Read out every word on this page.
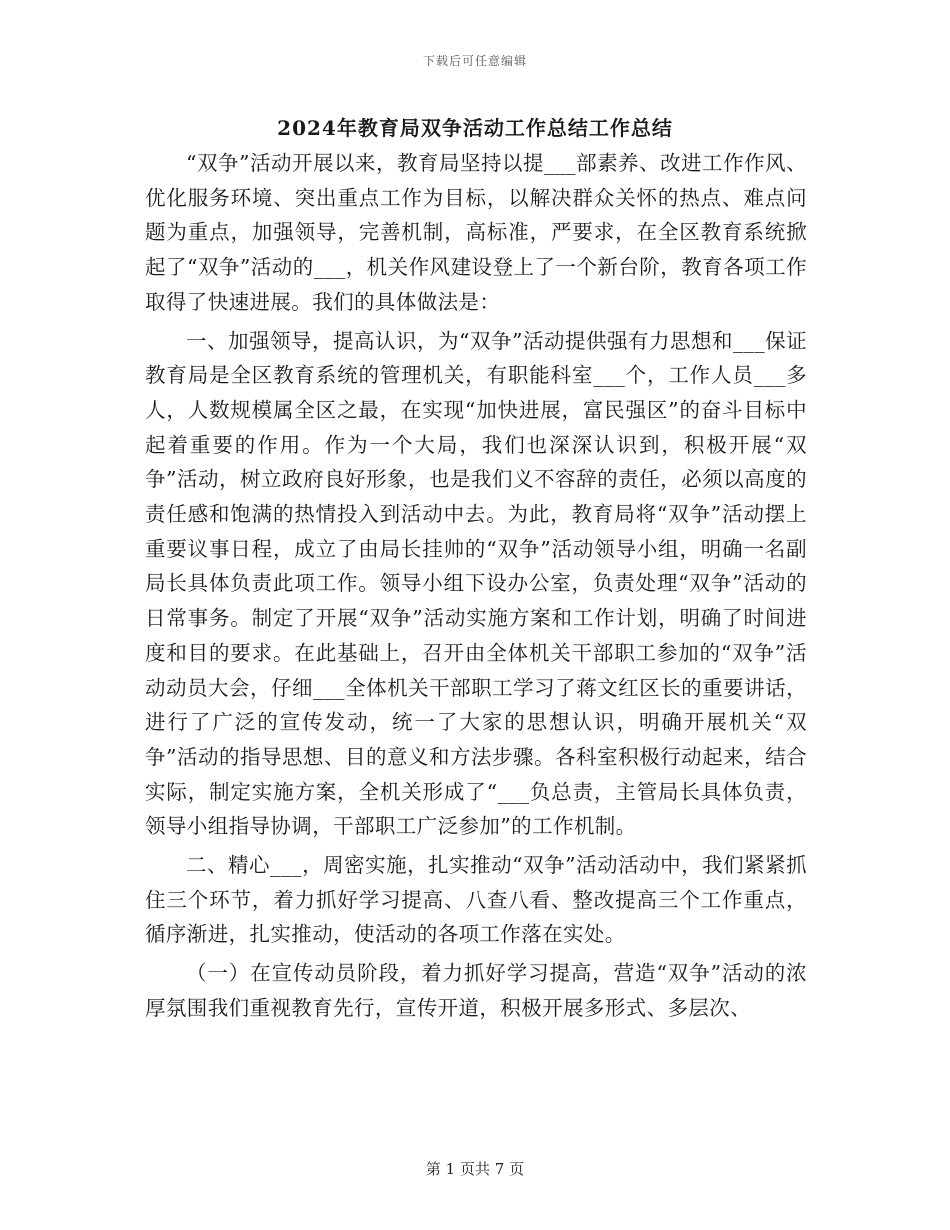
下载后可任意编辑
2024年教育局双争活动工作总结工作总结

“双争”活动开展以来，教育局坚持以提___部素养、改进工作作风、优化服务环境、突出重点工作为目标，以解决群众关怀的热点、难点问题为重点，加强领导，完善机制，高标准，严要求，在全区教育系统掀起了“双争”活动的___，机关作风建设登上了一个新台阶，教育各项工作取得了快速进展。我们的具体做法是：

一、加强领导，提高认识，为“双争”活动提供强有力思想和___保证教育局是全区教育系统的管理机关，有职能科室___个，工作人员___多人，人数规模属全区之最，在实现“加快进展，富民强区”的奋斗目标中起着重要的作用。作为一个大局，我们也深深认识到，积极开展“双争”活动，树立政府良好形象，也是我们义不容辞的责任，必须以高度的责任感和饱满的热情投入到活动中去。为此，教育局将“双争”活动摆上重要议事日程，成立了由局长挂帅的“双争”活动领导小组，明确一名副局长具体负责此项工作。领导小组下设办公室，负责处理“双争”活动的日常事务。制定了开展“双争”活动实施方案和工作计划，明确了时间进度和目的要求。在此基础上，召开由全体机关干部职工参加的“双争”活动动员大会，仔细___全体机关干部职工学习了蒋文红区长的重要讲话，进行了广泛的宣传发动，统一了大家的思想认识，明确开展机关“双争”活动的指导思想、目的意义和方法步骤。各科室积极行动起来，结合实际，制定实施方案，全机关形成了“___负总责，主管局长具体负责，领导小组指导协调，干部职工广泛参加”的工作机制。

二、精心___，周密实施，扎实推动“双争”活动活动中，我们紧紧抓住三个环节，着力抓好学习提高、八查八看、整改提高三个工作重点，循序渐进，扎实推动，使活动的各项工作落在实处。

（一）在宣传动员阶段，着力抓好学习提高，营造“双争”活动的浓厚氛围我们重视教育先行，宣传开道，积极开展多形式、多层次、

第 1 页共 7 页
